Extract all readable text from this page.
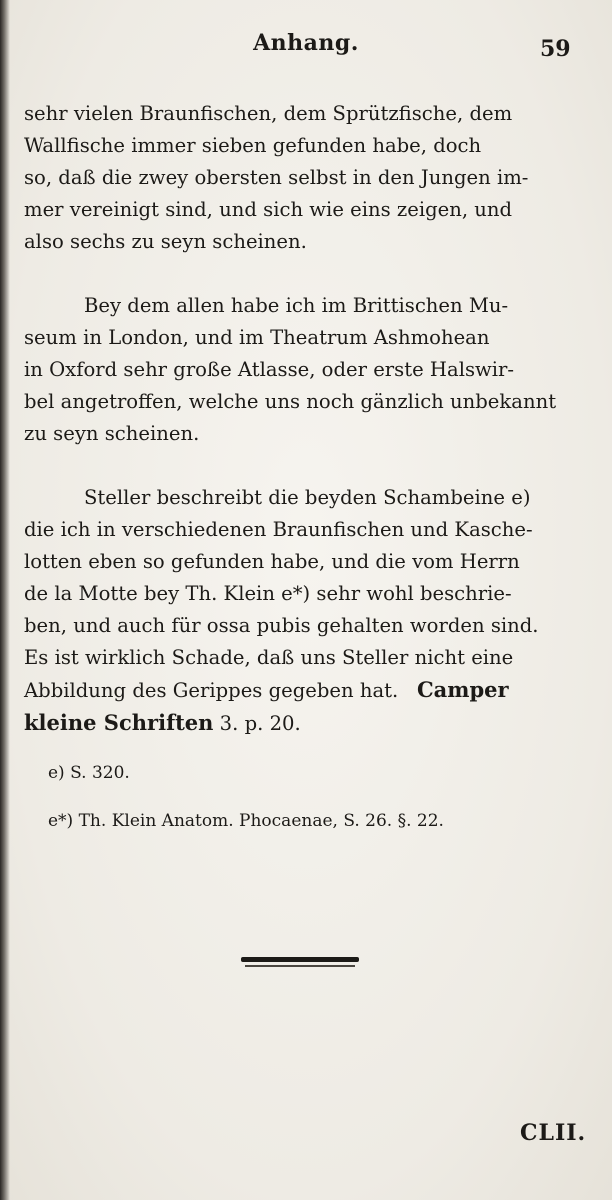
Anhang.	59

sehr vielen Braunfischen, dem Sprützfische, dem
Wallfische immer sieben gefunden habe, doch
so, daß die zwey obersten selbst in den Jungen im-
mer vereinigt sind, und sich wie eins zeigen, und
also sechs zu seyn scheinen.

Bey dem allen habe ich im Brittischen Mu-
seum in London, und im Theatrum Ashmohean
in Oxford sehr große Atlasse, oder erste Halswir-
bel angetroffen, welche uns noch gänzlich unbekannt
zu seyn scheinen.

Steller beschreibt die beyden Schambeine e)
die ich in verschiedenen Braunfischen und Kasche-
lotten eben so gefunden habe, und die vom Herrn
de la Motte bey Th. Klein e*) sehr wohl beschrie-
ben, und auch für ossa pubis gehalten worden sind.
Es ist wirklich Schade, daß uns Steller nicht eine
Abbildung des Gerippes gegeben hat. Camper
kleine Schriften 3. p. 20.

e) S. 320.
e*) Th. Klein Anatom. Phocaenae, S. 26. §. 22.
CLII.
